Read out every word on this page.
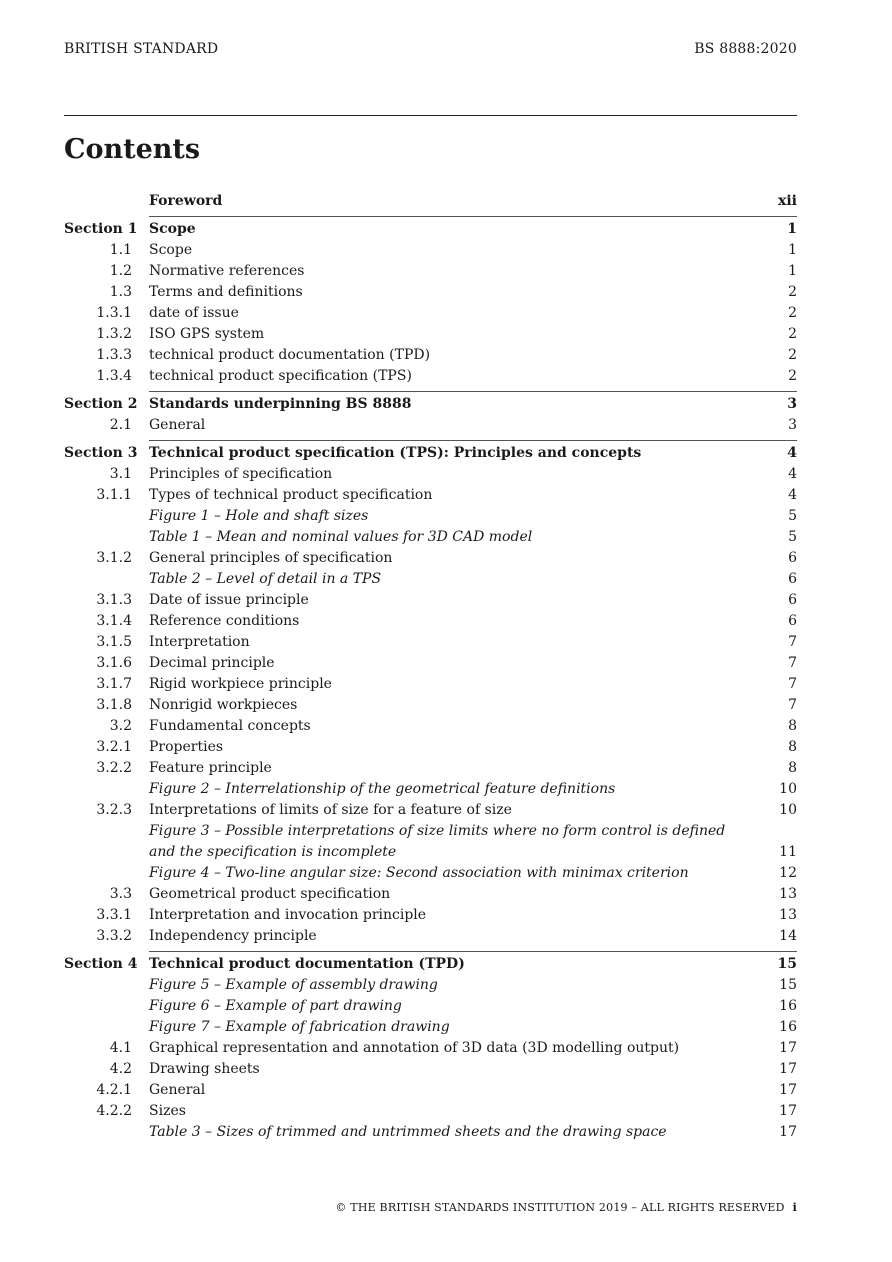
BRITISH STANDARD	BS 8888:2020
Contents
Foreword	xii
Section 1 Scope	1
1.1 Scope	1
1.2 Normative references	1
1.3 Terms and definitions	2
1.3.1 date of issue	2
1.3.2 ISO GPS system	2
1.3.3 technical product documentation (TPD)	2
1.3.4 technical product specification (TPS)	2
Section 2 Standards underpinning BS 8888	3
2.1 General	3
Section 3 Technical product specification (TPS): Principles and concepts	4
3.1 Principles of specification	4
3.1.1 Types of technical product specification	4
Figure 1 – Hole and shaft sizes	5
Table 1 – Mean and nominal values for 3D CAD model	5
3.1.2 General principles of specification	6
Table 2 – Level of detail in a TPS	6
3.1.3 Date of issue principle	6
3.1.4 Reference conditions	6
3.1.5 Interpretation	7
3.1.6 Decimal principle	7
3.1.7 Rigid workpiece principle	7
3.1.8 Nonrigid workpieces	7
3.2 Fundamental concepts	8
3.2.1 Properties	8
3.2.2 Feature principle	8
Figure 2 – Interrelationship of the geometrical feature definitions	10
3.2.3 Interpretations of limits of size for a feature of size	10
Figure 3 – Possible interpretations of size limits where no form control is defined
and the specification is incomplete	11
Figure 4 – Two-line angular size: Second association with minimax criterion	12
3.3 Geometrical product specification	13
3.3.1 Interpretation and invocation principle	13
3.3.2 Independency principle	14
Section 4 Technical product documentation (TPD)	15
Figure 5 – Example of assembly drawing	15
Figure 6 – Example of part drawing	16
Figure 7 – Example of fabrication drawing	16
4.1 Graphical representation and annotation of 3D data (3D modelling output)	17
4.2 Drawing sheets	17
4.2.1 General	17
4.2.2 Sizes	17
Table 3 – Sizes of trimmed and untrimmed sheets and the drawing space	17
© THE BRITISH STANDARDS INSTITUTION 2019 – ALL RIGHTS RESERVED i
